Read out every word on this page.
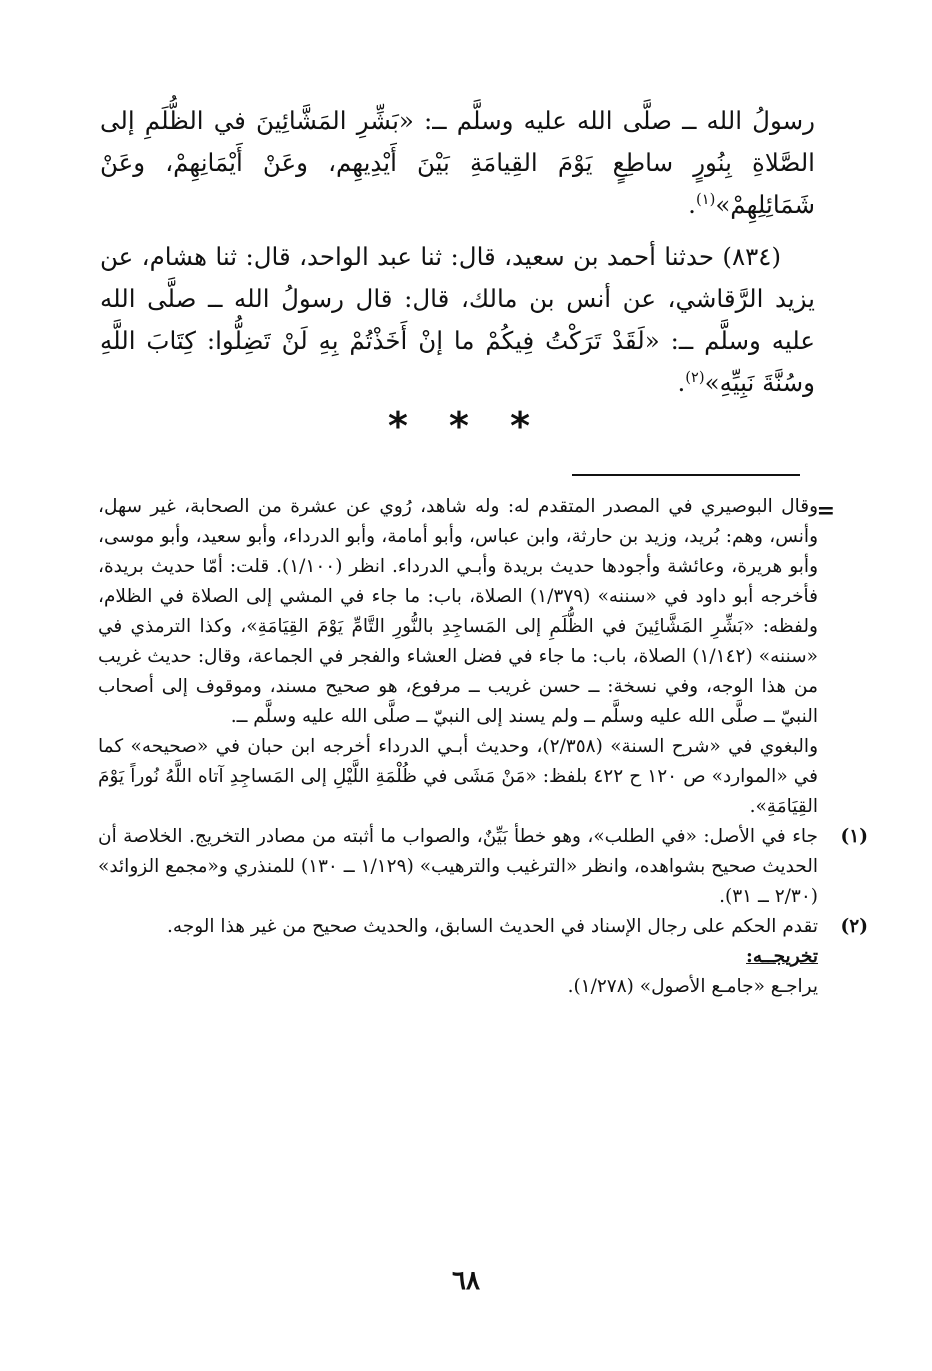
رسولُ الله ــ صلَّى الله عليه وسلَّم ــ: «بَشِّرِ المَشَّائِينَ في الظُّلَمِ إلى الصَّلاةِ بِنُورٍ ساطِعٍ يَوْمَ القِيامَةِ بَيْنَ أَيْدِيهِم، وعَنْ أَيْمَانِهِمْ، وعَنْ شَمَائِلِهِمْ»$^{(١)}$.

(٨٣٤) حدثنا أحمد بن سعيد، قال: ثنا عبد الواحد، قال: ثنا هشام، عن يزيد الرَّقاشي، عن أنس بن مالك، قال: قال رسولُ الله ــ صلَّى الله عليه وسلَّم ــ: «لَقَدْ تَرَكْتُ فِيكُمْ ما إنْ أَخَذْتُمْ بِهِ لَنْ تَضِلُّوا: كِتَابَ اللَّهِ وسُنَّةَ نَبِيِّهِ»$^{(٢)}$.

* * *
=

وقال البوصيري في المصدر المتقدم له: وله شاهد، رُوي عن عشرة من الصحابة، غير سهل، وأنس، وهم: بُريد، وزيد بن حارثة، وابن عباس، وأبو أمامة، وأبو الدرداء، وأبو سعيد، وأبو موسى، وأبو هريرة، وعائشة وأجودها حديث بريدة وأبـي الدرداء. انظر (١/١٠٠). قلت: أمّا حديث بريدة، فأخرجه أبو داود في «سننه» (١/٣٧٩) الصلاة، باب: ما جاء في المشي إلى الصلاة في الظلام، ولفظه: «بَشِّرِ المَشَّائِينَ في الظُّلَمِ إلى المَساجِدِ بالنُّورِ التَّامِّ يَوْمَ القِيَامَةِ»، وكذا الترمذي في «سننه» (١/١٤٢) الصلاة، باب: ما جاء في فضل العشاء والفجر في الجماعة، وقال: حديث غريب من هذا الوجه، وفي نسخة: ــ حسن غريب ــ مرفوع، هو صحيح مسند، وموقوف إلى أصحاب النبيّ ــ صلَّى الله عليه وسلَّم ــ ولم يسند إلى النبيّ ــ صلَّى الله عليه وسلَّم ــ.

والبغوي في «شرح السنة» (٢/٣٥٨)، وحديث أبـي الدرداء أخرجه ابن حبان في «صحيحه» كما في «الموارد» ص ١٢٠ ح ٤٢٢ بلفظ: «مَنْ مَشَى في ظُلْمَةِ اللَّيْلِ إلى المَساجِدِ آتاه اللَّهُ نُوراً يَوْمَ القِيَامَةِ».

(١)

جاء في الأصل: «في الطلب»، وهو خطأ بَيِّنٌ، والصواب ما أثبته من مصادر التخريج. الخلاصة أن الحديث صحيح بشواهده، وانظر «الترغيب والترهيب» (١/١٢٩ ــ ١٣٠) للمنذري و«مجمع الزوائد» (٢/٣٠ ــ ٣١).

(٢)

تقدم الحكم على رجال الإسناد في الحديث السابق، والحديث صحيح من غير هذا الوجه.

تخريجــه:

يراجـع «جامـع الأصول» (١/٢٧٨).

٦٨
